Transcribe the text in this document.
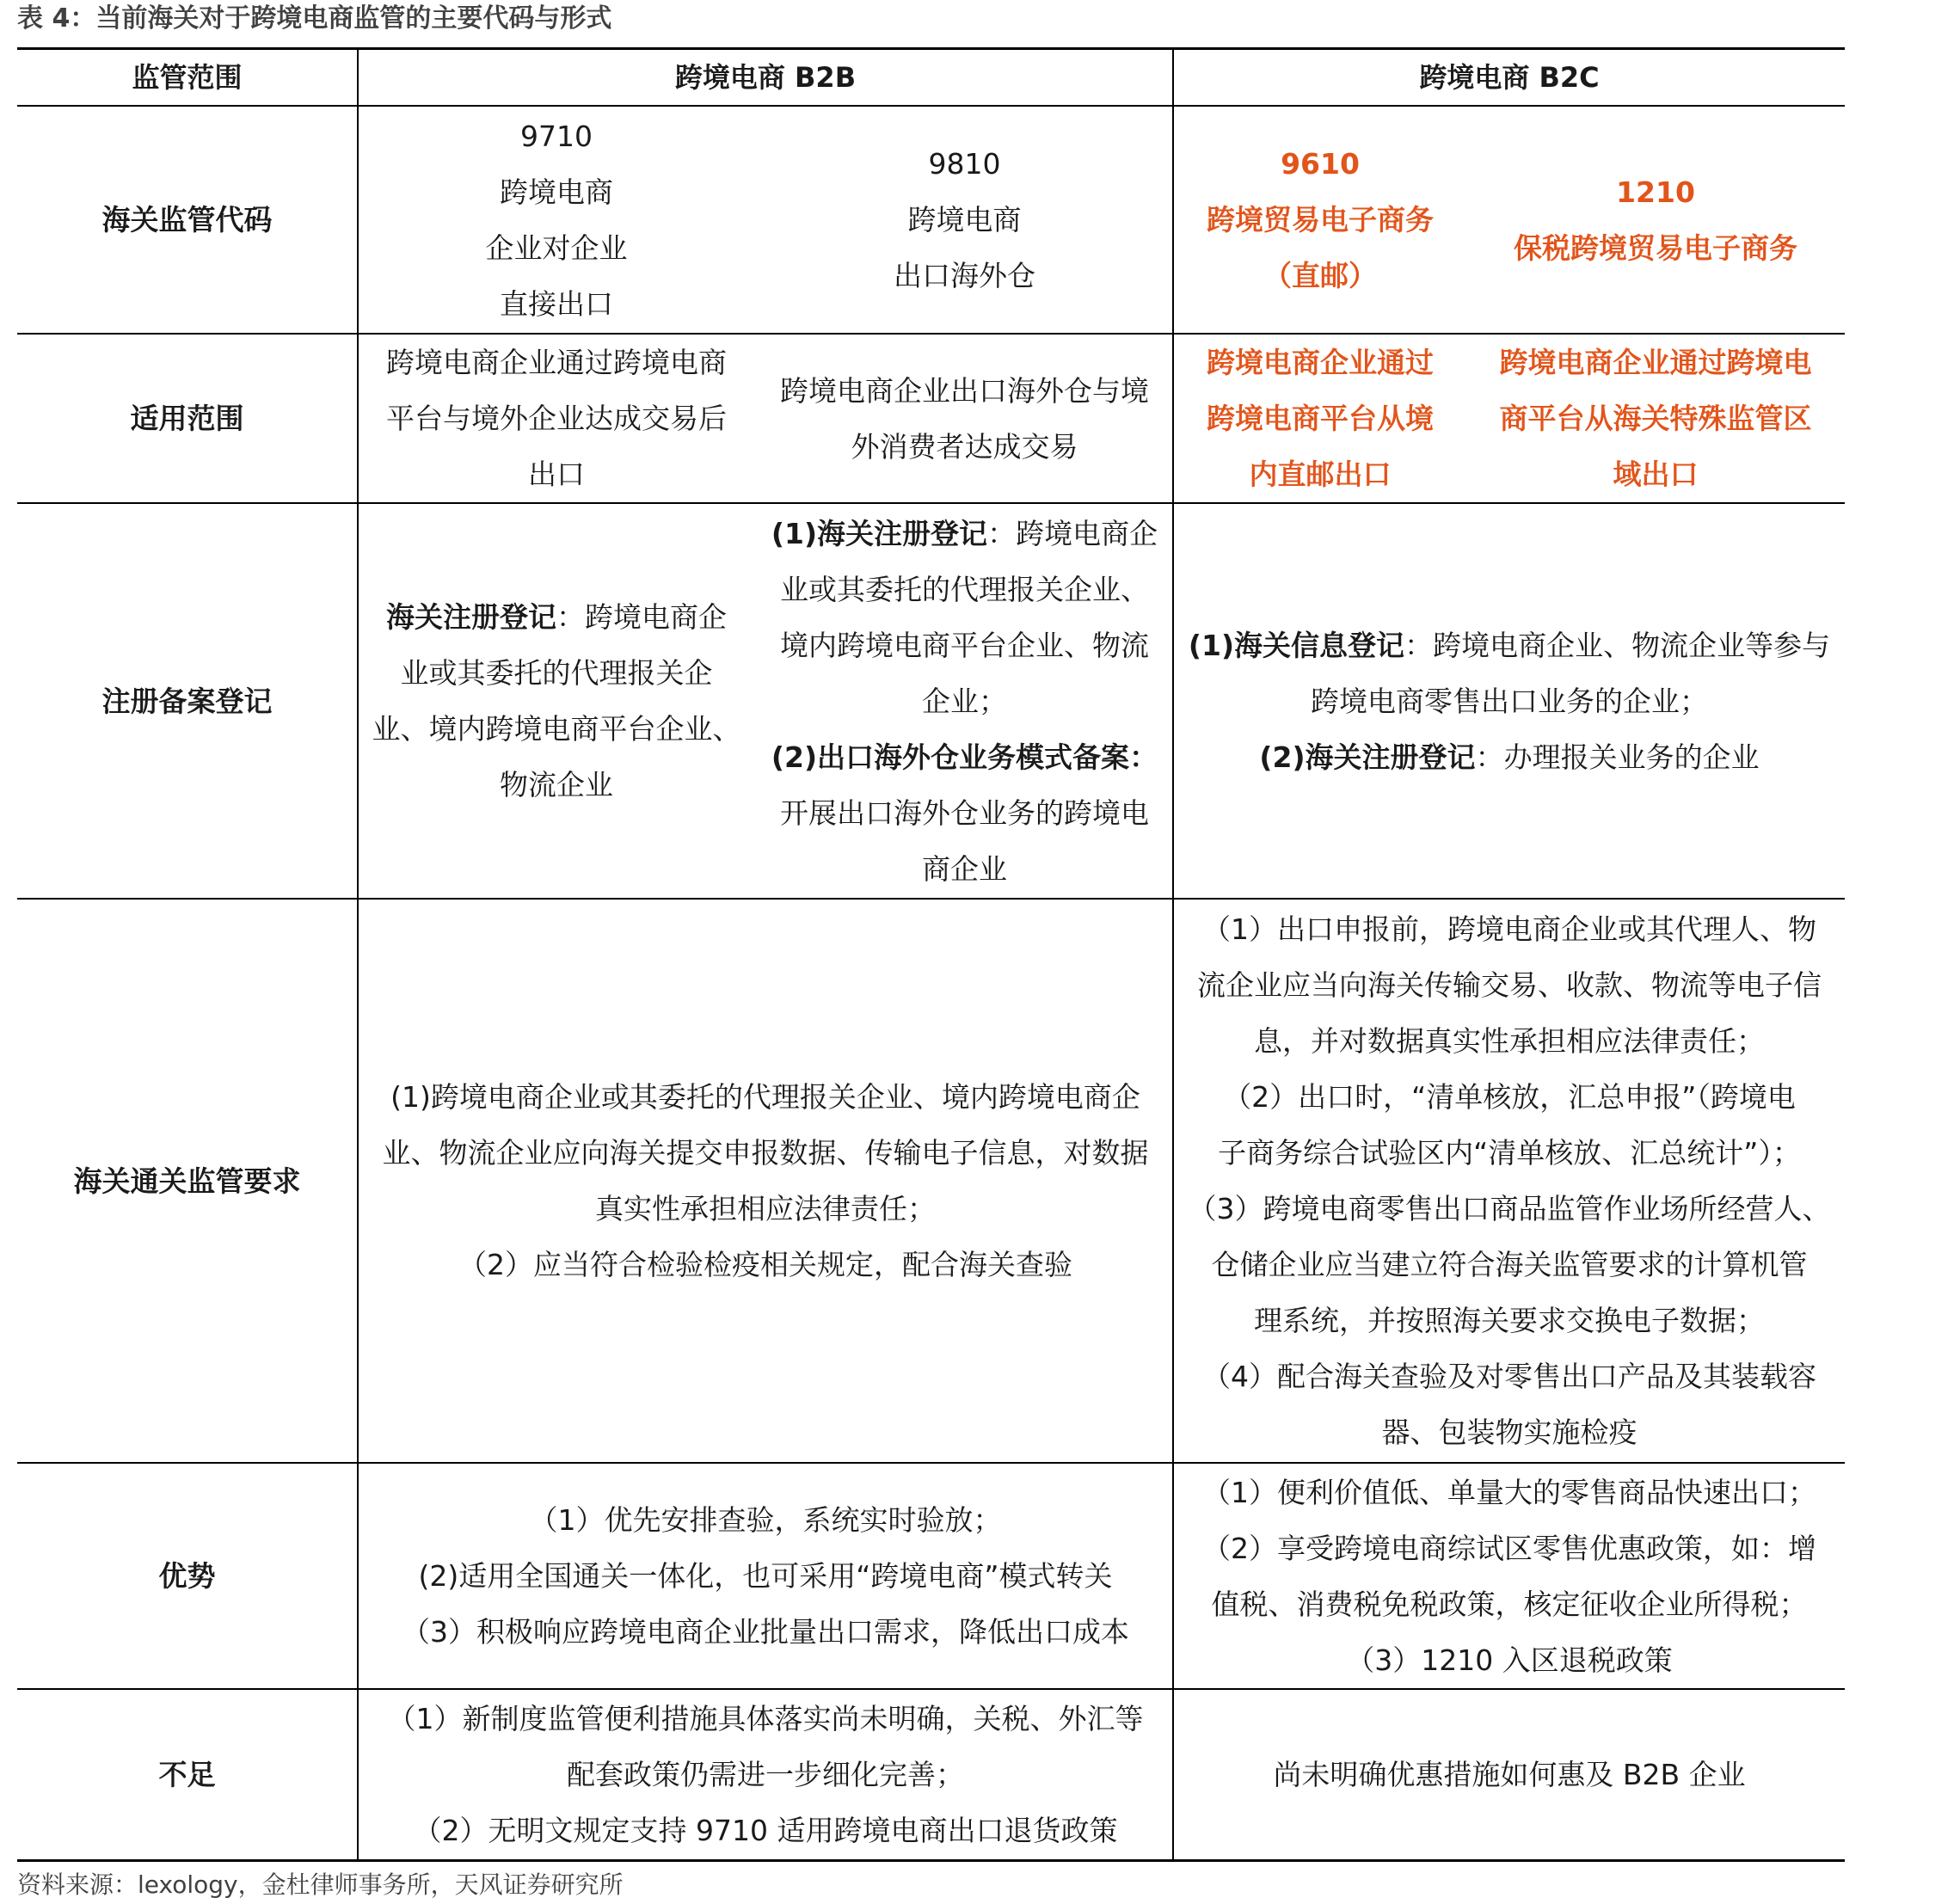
表 4：当前海关对于跨境电商监管的主要代码与形式
监管范围	跨境电商 B2B	跨境电商 B2C
海关监管代码
9710
跨境电商
企业对企业
直接出口
9810
跨境电商
出口海外仓
9610
跨境贸易电子商务
（直邮）
1210
保税跨境贸易电子商务
适用范围
跨境电商企业通过跨境电商
平台与境外企业达成交易后
出口
跨境电商企业出口海外仓与境
外消费者达成交易
跨境电商企业通过
跨境电商平台从境
内直邮出口
跨境电商企业通过跨境电
商平台从海关特殊监管区
域出口
注册备案登记
海关注册登记：跨境电商企
业或其委托的代理报关企
业、境内跨境电商平台企业、
物流企业
(1)海关注册登记：跨境电商企
业或其委托的代理报关企业、
境内跨境电商平台企业、物流
企业；
(2)出口海外仓业务模式备案：
开展出口海外仓业务的跨境电
商企业
(1)海关信息登记：跨境电商企业、物流企业等参与
跨境电商零售出口业务的企业；
(2)海关注册登记：办理报关业务的企业
海关通关监管要求
(1)跨境电商企业或其委托的代理报关企业、境内跨境电商企
业、物流企业应向海关提交申报数据、传输电子信息，对数据
真实性承担相应法律责任；
（2）应当符合检验检疫相关规定，配合海关查验
（1）出口申报前，跨境电商企业或其代理人、物
流企业应当向海关传输交易、收款、物流等电子信
息，并对数据真实性承担相应法律责任；
（2）出口时，“清单核放，汇总申报”（跨境电
子商务综合试验区内“清单核放、汇总统计”）；
（3）跨境电商零售出口商品监管作业场所经营人、
仓储企业应当建立符合海关监管要求的计算机管
理系统，并按照海关要求交换电子数据；
（4）配合海关查验及对零售出口产品及其装载容
器、包装物实施检疫
优势
（1）优先安排查验，系统实时验放；
(2)适用全国通关一体化，也可采用“跨境电商”模式转关
（3）积极响应跨境电商企业批量出口需求，降低出口成本
（1）便利价值低、单量大的零售商品快速出口；
（2）享受跨境电商综试区零售优惠政策，如：增
值税、消费税免税政策，核定征收企业所得税；
（3）1210 入区退税政策
不足
（1）新制度监管便利措施具体落实尚未明确，关税、外汇等
配套政策仍需进一步细化完善；
（2）无明文规定支持 9710 适用跨境电商出口退货政策
尚未明确优惠措施如何惠及 B2B 企业
资料来源：lexology，金杜律师事务所，天风证券研究所
